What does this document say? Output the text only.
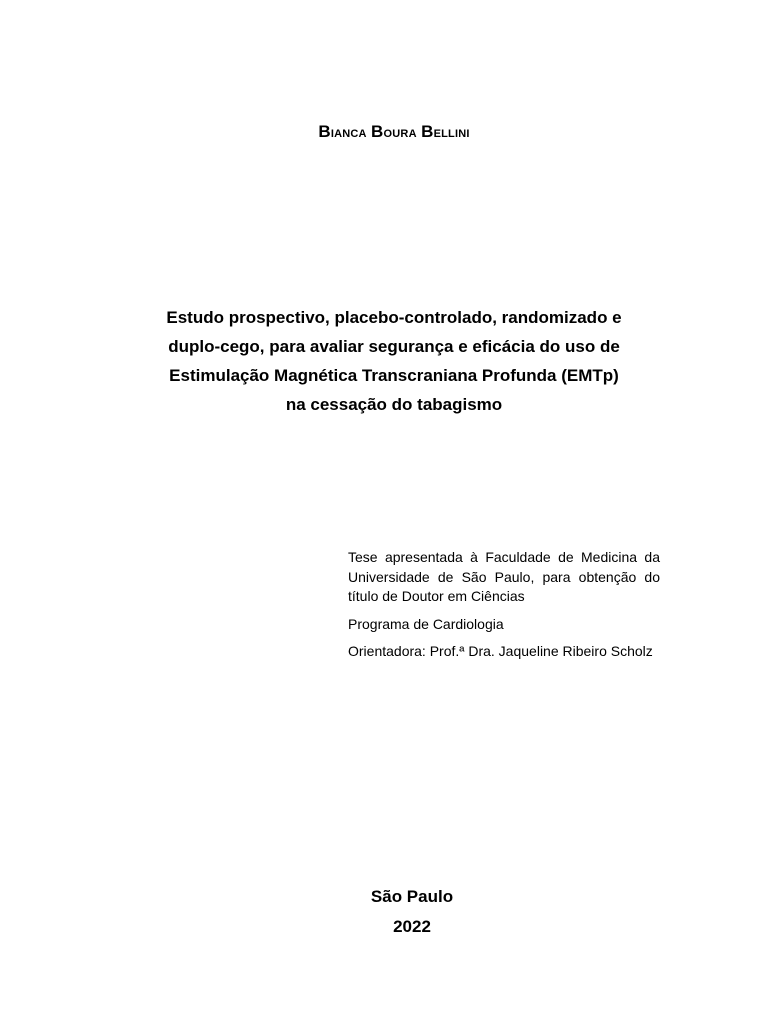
Bianca Boura Bellini
Estudo prospectivo, placebo-controlado, randomizado e
duplo-cego, para avaliar segurança e eficácia do uso de
Estimulação Magnética Transcraniana Profunda (EMTp)
na cessação do tabagismo
Tese apresentada à Faculdade de Medicina da Universidade de São Paulo, para obtenção do título de Doutor em Ciências
Programa de Cardiologia
Orientadora: Prof.ª Dra. Jaqueline Ribeiro Scholz
São Paulo
2022
